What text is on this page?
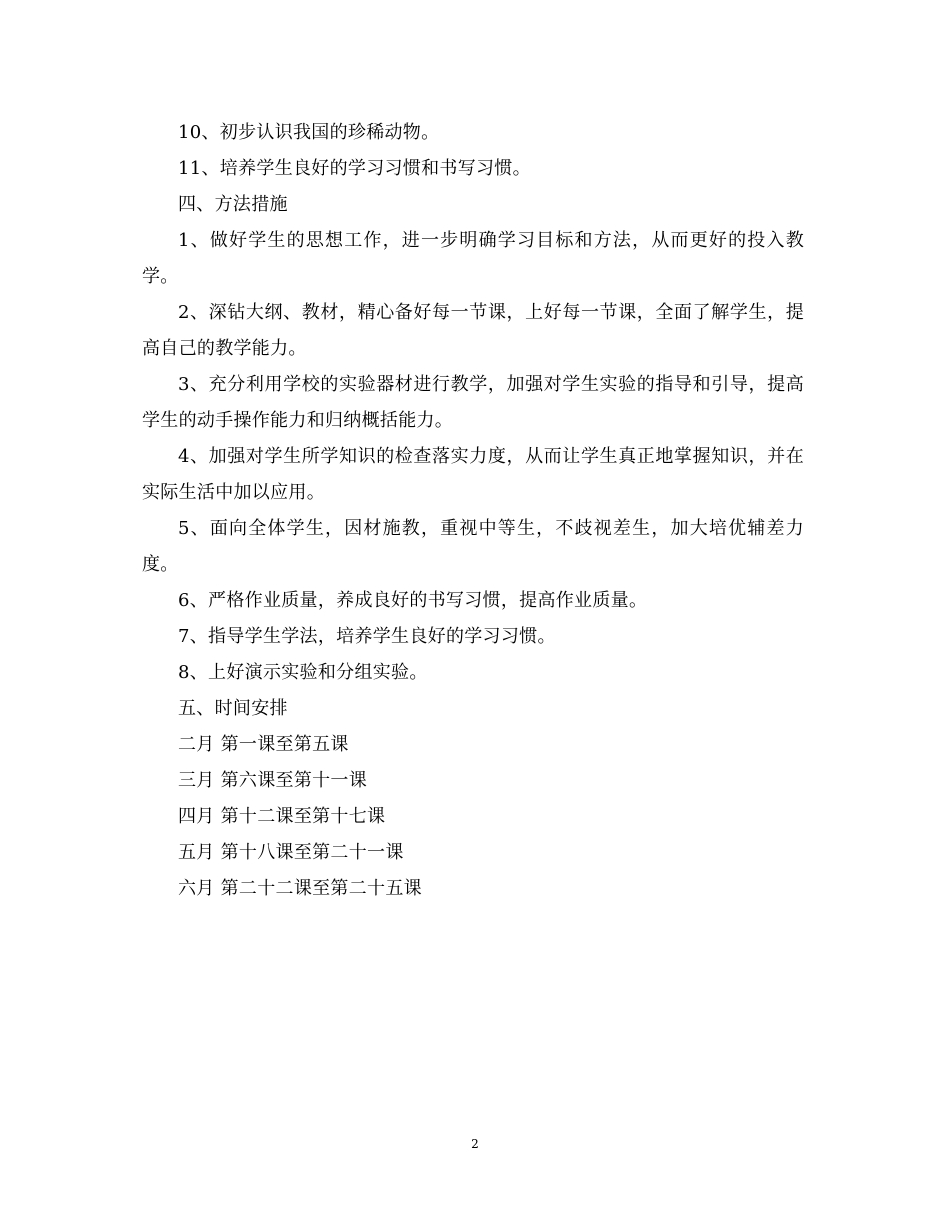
10、初步认识我国的珍稀动物。

11、培养学生良好的学习习惯和书写习惯。

四、方法措施

1、做好学生的思想工作，进一步明确学习目标和方法，从而更好的投入教学。

2、深钻大纲、教材，精心备好每一节课，上好每一节课，全面了解学生，提高自己的教学能力。

3、充分利用学校的实验器材进行教学，加强对学生实验的指导和引导，提高学生的动手操作能力和归纳概括能力。

4、加强对学生所学知识的检查落实力度，从而让学生真正地掌握知识，并在实际生活中加以应用。

5、面向全体学生，因材施教，重视中等生，不歧视差生，加大培优辅差力度。

6、严格作业质量，养成良好的书写习惯，提高作业质量。

7、指导学生学法，培养学生良好的学习习惯。

8、上好演示实验和分组实验。

五、时间安排

二月 第一课至第五课

三月 第六课至第十一课

四月 第十二课至第十七课

五月 第十八课至第二十一课

六月 第二十二课至第二十五课

2
